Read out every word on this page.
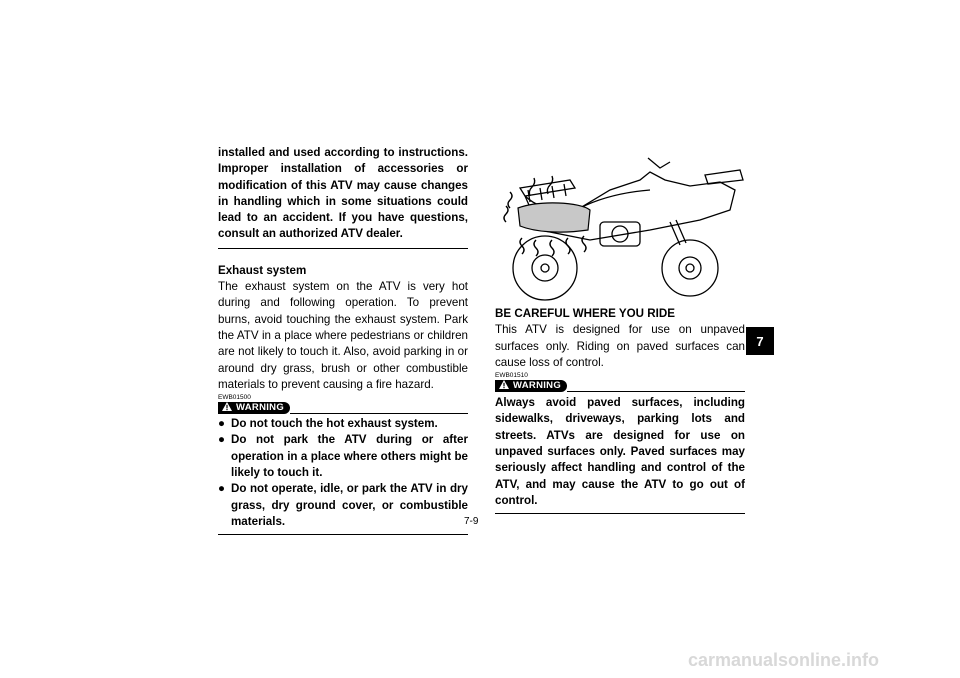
installed and used according to instructions. Improper installation of accessories or modification of this ATV may cause changes in handling which in some situations could lead to an accident. If you have questions, consult an authorized ATV dealer.
Exhaust system
The exhaust system on the ATV is very hot during and following operation. To prevent burns, avoid touching the exhaust system. Park the ATV in a place where pedestrians or children are not likely to touch it. Also, avoid parking in or around dry grass, brush or other combustible materials to prevent causing a fire hazard.
EWB01500
WARNING
● Do not touch the hot exhaust system.
● Do not park the ATV during or after operation in a place where others might be likely to touch it.
● Do not operate, idle, or park the ATV in dry grass, dry ground cover, or combustible materials.
BE CAREFUL WHERE YOU RIDE
This ATV is designed for use on unpaved surfaces only. Riding on paved surfaces can cause loss of control.
EWB01510
WARNING
Always avoid paved surfaces, including sidewalks, driveways, parking lots and streets. ATVs are designed for use on unpaved surfaces only. Paved surfaces may seriously affect handling and control of the ATV, and may cause the ATV to go out of control.
7-9
7
carmanualsonline.info
